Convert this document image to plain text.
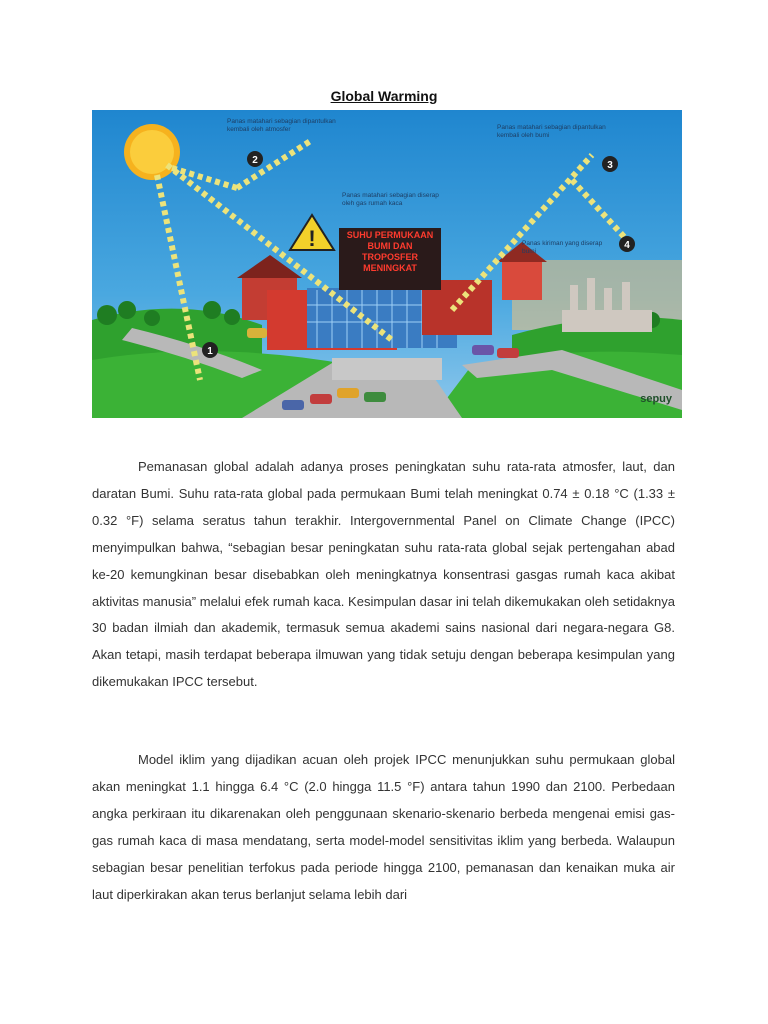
Global Warming
!	SUHU PERMUKAAN BUMI DAN TROPOSFER MENINGKAT
1
2	3
4
Panas matahari sebagian dipantulkan kembali oleh atmosfer	Panas matahari sebagian dipantulkan kembali oleh bumi
Panas matahari sebagian diserap oleh gas rumah kaca
Panas kiriman yang diserap bumi
sepuy

Pemanasan global adalah adanya proses peningkatan suhu rata-rata atmosfer, laut, dan daratan Bumi. Suhu rata-rata global pada permukaan Bumi telah meningkat 0.74 ± 0.18 °C (1.33 ± 0.32 °F) selama seratus tahun terakhir. Intergovernmental Panel on Climate Change (IPCC) menyimpulkan bahwa, “sebagian besar peningkatan suhu rata-rata global sejak pertengahan abad ke-20 kemungkinan besar disebabkan oleh meningkatnya konsentrasi gasgas rumah kaca akibat aktivitas manusia” melalui efek rumah kaca. Kesimpulan dasar ini telah dikemukakan oleh setidaknya 30 badan ilmiah dan akademik, termasuk semua akademi sains nasional dari negara-negara G8. Akan tetapi, masih terdapat beberapa ilmuwan yang tidak setuju dengan beberapa kesimpulan yang dikemukakan IPCC tersebut.

Model iklim yang dijadikan acuan oleh projek IPCC menunjukkan suhu permukaan global akan meningkat 1.1 hingga 6.4 °C (2.0 hingga 11.5 °F) antara tahun 1990 dan 2100. Perbedaan angka perkiraan itu dikarenakan oleh penggunaan skenario-skenario berbeda mengenai emisi gas-gas rumah kaca di masa mendatang, serta model-model sensitivitas iklim yang berbeda. Walaupun sebagian besar penelitian terfokus pada periode hingga 2100, pemanasan dan kenaikan muka air laut diperkirakan akan terus berlanjut selama lebih dari
